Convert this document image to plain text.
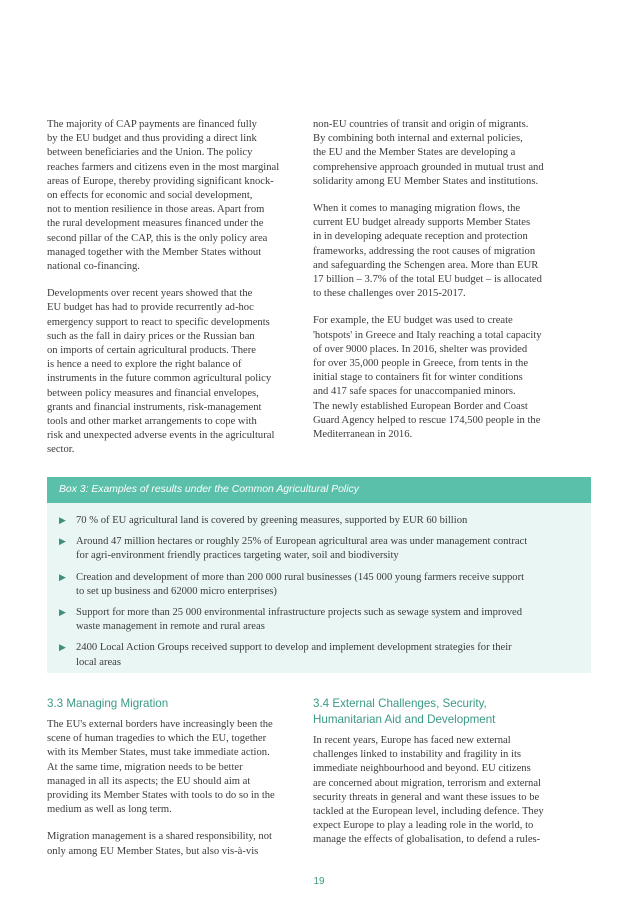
The majority of CAP payments are financed fully
by the EU budget and thus providing a direct link
between beneficiaries and the Union. The policy
reaches farmers and citizens even in the most marginal
areas of Europe, thereby providing significant knock-
on effects for economic and social development,
not to mention resilience in those areas. Apart from
the rural development measures financed under the
second pillar of the CAP, this is the only policy area
managed together with the Member States without
national co-financing.

Developments over recent years showed that the
EU budget has had to provide recurrently ad-hoc
emergency support to react to specific developments
such as the fall in dairy prices or the Russian ban
on imports of certain agricultural products. There
is hence a need to explore the right balance of
instruments in the future common agricultural policy
between policy measures and financial envelopes,
grants and financial instruments, risk-management
tools and other market arrangements to cope with
risk and unexpected adverse events in the agricultural
sector.

non-EU countries of transit and origin of migrants.
By combining both internal and external policies,
the EU and the Member States are developing a
comprehensive approach grounded in mutual trust and
solidarity among EU Member States and institutions.

When it comes to managing migration flows, the
current EU budget already supports Member States
in in developing adequate reception and protection
frameworks, addressing the root causes of migration
and safeguarding the Schengen area. More than EUR
17 billion – 3.7% of the total EU budget – is allocated
to these challenges over 2015-2017.

For example, the EU budget was used to create
'hotspots' in Greece and Italy reaching a total capacity
of over 9000 places. In 2016, shelter was provided
for over 35,000 people in Greece, from tents in the
initial stage to containers fit for winter conditions
and 417 safe spaces for unaccompanied minors.
The newly established European Border and Coast
Guard Agency helped to rescue 174,500 people in the
Mediterranean in 2016.

Box 3: Examples of results under the Common Agricultural Policy
▶ 70 % of EU agricultural land is covered by greening measures, supported by EUR 60 billion
▶ Around 47 million hectares or roughly 25% of European agricultural area was under management contract
for agri-environment friendly practices targeting water, soil and biodiversity
▶ Creation and development of more than 200 000 rural businesses (145 000 young farmers receive support
to set up business and 62000 micro enterprises)
▶ Support for more than 25 000 environmental infrastructure projects such as sewage system and improved
waste management in remote and rural areas
▶ 2400 Local Action Groups received support to develop and implement development strategies for their
local areas
3.3 Managing Migration

The EU's external borders have increasingly been the
scene of human tragedies to which the EU, together
with its Member States, must take immediate action.
At the same time, migration needs to be better
managed in all its aspects; the EU should aim at
providing its Member States with tools to do so in the
medium as well as long term.

Migration management is a shared responsibility, not
only among EU Member States, but also vis-à-vis

3.4 External Challenges, Security,
Humanitarian Aid and Development

In recent years, Europe has faced new external
challenges linked to instability and fragility in its
immediate neighbourhood and beyond. EU citizens
are concerned about migration, terrorism and external
security threats in general and want these issues to be
tackled at the European level, including defence. They
expect Europe to play a leading role in the world, to
manage the effects of globalisation, to defend a rules-

19
